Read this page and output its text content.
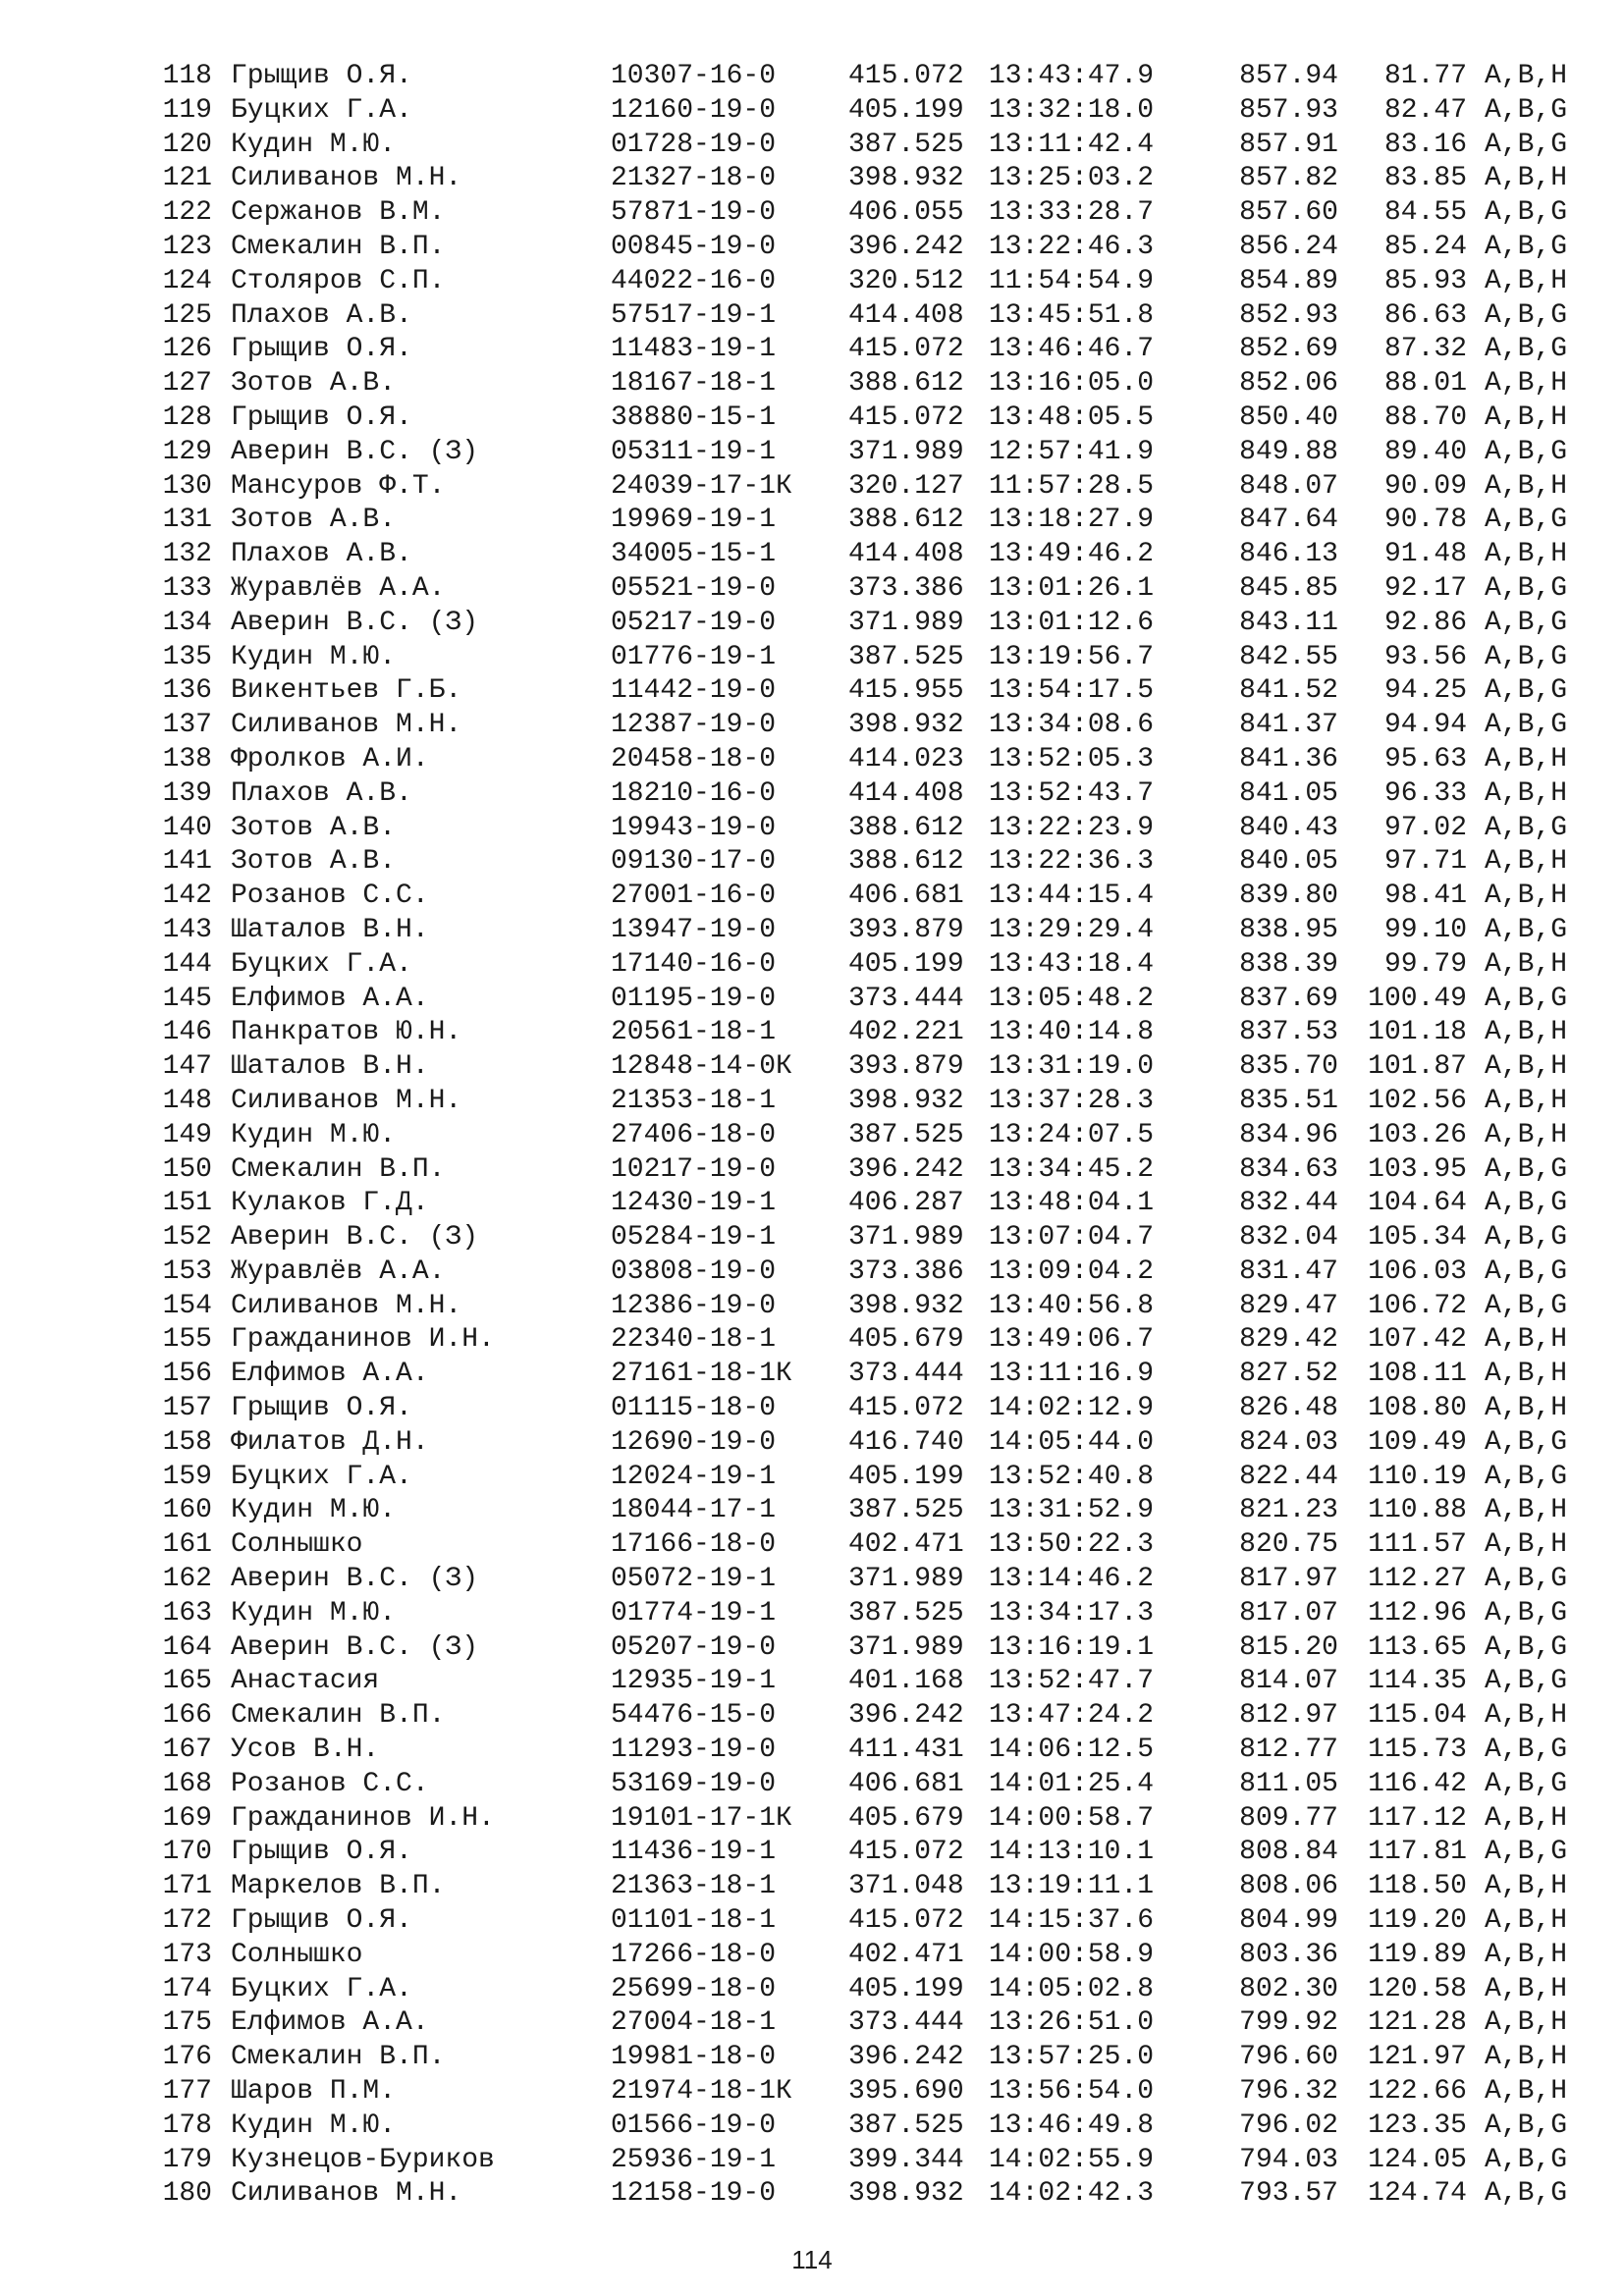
118 Грыщив О.Я.	10307-16-0	415.072 13:43:47.9	857.94	81.77 A,B,H
119 Буцких Г.А.	12160-19-0	405.199 13:32:18.0	857.93	82.47 A,B,G
120 Кудин М.Ю.	01728-19-0	387.525 13:11:42.4	857.91	83.16 A,B,G
121 Силиванов М.Н.	21327-18-0	398.932 13:25:03.2	857.82	83.85 A,B,H
122 Сержанов В.М.	57871-19-0	406.055 13:33:28.7	857.60	84.55 A,B,G
123 Смекалин В.П.	00845-19-0	396.242 13:22:46.3	856.24	85.24 A,B,G
124 Столяров С.П.	44022-16-0	320.512 11:54:54.9	854.89	85.93 A,B,H
125 Плахов А.В.	57517-19-1	414.408 13:45:51.8	852.93	86.63 A,B,G
126 Грыщив О.Я.	11483-19-1	415.072 13:46:46.7	852.69	87.32 A,B,G
127 Зотов А.В.	18167-18-1	388.612 13:16:05.0	852.06	88.01 A,B,H
128 Грыщив О.Я.	38880-15-1	415.072 13:48:05.5	850.40	88.70 A,B,H
129 Аверин В.С. (З)	05311-19-1	371.989 12:57:41.9	849.88	89.40 A,B,G
130 Мансуров Ф.Т.	24039-17-1К 320.127 11:57:28.5	848.07	90.09 A,B,H
131 Зотов А.В.	19969-19-1	388.612 13:18:27.9	847.64	90.78 A,B,G
132 Плахов А.В.	34005-15-1	414.408 13:49:46.2	846.13	91.48 A,B,H
133 Журавлёв А.А.	05521-19-0	373.386 13:01:26.1	845.85	92.17 A,B,G
134 Аверин В.С. (З)	05217-19-0	371.989 13:01:12.6	843.11	92.86 A,B,G
135 Кудин М.Ю.	01776-19-1	387.525 13:19:56.7	842.55	93.56 A,B,G
136 Викентьев Г.Б.	11442-19-0	415.955 13:54:17.5	841.52	94.25 A,B,G
137 Силиванов М.Н.	12387-19-0	398.932 13:34:08.6	841.37	94.94 A,B,G
138 Фролков А.И.	20458-18-0	414.023 13:52:05.3	841.36	95.63 A,B,H
139 Плахов А.В.	18210-16-0	414.408 13:52:43.7	841.05	96.33 A,B,H
140 Зотов А.В.	19943-19-0	388.612 13:22:23.9	840.43	97.02 A,B,G
141 Зотов А.В.	09130-17-0	388.612 13:22:36.3	840.05	97.71 A,B,H
142 Розанов С.С.	27001-16-0	406.681 13:44:15.4	839.80	98.41 A,B,H
143 Шаталов В.Н.	13947-19-0	393.879 13:29:29.4	838.95	99.10 A,B,G
144 Буцких Г.А.	17140-16-0	405.199 13:43:18.4	838.39	99.79 A,B,H
145 Елфимов А.А.	01195-19-0	373.444 13:05:48.2	837.69	100.49 A,B,G
146 Панкратов Ю.Н.	20561-18-1	402.221 13:40:14.8	837.53	101.18 A,B,H
147 Шаталов В.Н.	12848-14-0К 393.879 13:31:19.0	835.70	101.87 A,B,H
148 Силиванов М.Н.	21353-18-1	398.932 13:37:28.3	835.51	102.56 A,B,H
149 Кудин М.Ю.	27406-18-0	387.525 13:24:07.5	834.96	103.26 A,B,H
150 Смекалин В.П.	10217-19-0	396.242 13:34:45.2	834.63	103.95 A,B,G
151 Кулаков Г.Д.	12430-19-1	406.287 13:48:04.1	832.44	104.64 A,B,G
152 Аверин В.С. (З)	05284-19-1	371.989 13:07:04.7	832.04	105.34 A,B,G
153 Журавлёв А.А.	03808-19-0	373.386 13:09:04.2	831.47	106.03 A,B,G
154 Силиванов М.Н.	12386-19-0	398.932 13:40:56.8	829.47	106.72 A,B,G
155 Гражданинов И.Н.	22340-18-1	405.679 13:49:06.7	829.42	107.42 A,B,H
156 Елфимов А.А.	27161-18-1К 373.444 13:11:16.9	827.52	108.11 A,B,H
157 Грыщив О.Я.	01115-18-0	415.072 14:02:12.9	826.48	108.80 A,B,H
158 Филатов Д.Н.	12690-19-0	416.740 14:05:44.0	824.03	109.49 A,B,G
159 Буцких Г.А.	12024-19-1	405.199 13:52:40.8	822.44	110.19 A,B,G
160 Кудин М.Ю.	18044-17-1	387.525 13:31:52.9	821.23	110.88 A,B,H
161 Солнышко	17166-18-0	402.471 13:50:22.3	820.75	111.57 A,B,H
162 Аверин В.С. (З)	05072-19-1	371.989 13:14:46.2	817.97	112.27 A,B,G
163 Кудин М.Ю.	01774-19-1	387.525 13:34:17.3	817.07	112.96 A,B,G
164 Аверин В.С. (З)	05207-19-0	371.989 13:16:19.1	815.20	113.65 A,B,G
165 Анастасия	12935-19-1	401.168 13:52:47.7	814.07	114.35 A,B,G
166 Смекалин В.П.	54476-15-0	396.242 13:47:24.2	812.97	115.04 A,B,H
167 Усов В.Н.	11293-19-0	411.431 14:06:12.5	812.77	115.73 A,B,G
168 Розанов С.С.	53169-19-0	406.681 14:01:25.4	811.05	116.42 A,B,G
169 Гражданинов И.Н.	19101-17-1К 405.679 14:00:58.7	809.77	117.12 A,B,H
170 Грыщив О.Я.	11436-19-1	415.072 14:13:10.1	808.84	117.81 A,B,G
171 Маркелов В.П.	21363-18-1	371.048 13:19:11.1	808.06	118.50 A,B,H
172 Грыщив О.Я.	01101-18-1	415.072 14:15:37.6	804.99	119.20 A,B,H
173 Солнышко	17266-18-0	402.471 14:00:58.9	803.36	119.89 A,B,H
174 Буцких Г.А.	25699-18-0	405.199 14:05:02.8	802.30	120.58 A,B,H
175 Елфимов А.А.	27004-18-1	373.444 13:26:51.0	799.92	121.28 A,B,H
176 Смекалин В.П.	19981-18-0	396.242 13:57:25.0	796.60	121.97 A,B,H
177 Шаров П.М.	21974-18-1К 395.690 13:56:54.0	796.32	122.66 A,B,H
178 Кудин М.Ю.	01566-19-0	387.525 13:46:49.8	796.02	123.35 A,B,G
179 Кузнецов-Буриков	25936-19-1	399.344 14:02:55.9	794.03	124.05 A,B,G
180 Силиванов М.Н.	12158-19-0	398.932 14:02:42.3	793.57	124.74 A,B,G
114
